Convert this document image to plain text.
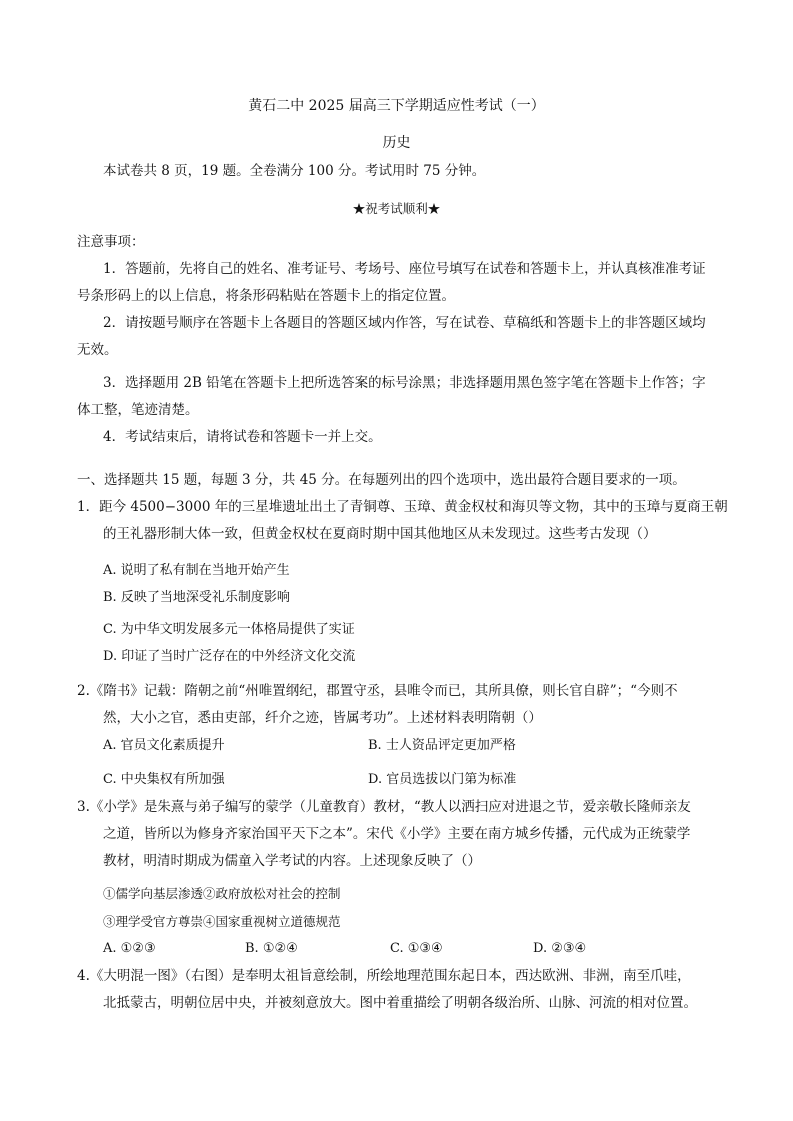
黄石二中 2025 届高三下学期适应性考试（一）
历史
本试卷共 8 页，19 题。全卷满分 100 分。考试用时 75 分钟。
★祝考试顺利★
注意事项：
1．答题前，先将自己的姓名、准考证号、考场号、座位号填写在试卷和答题卡上，并认真核准准考证
号条形码上的以上信息，将条形码粘贴在答题卡上的指定位置。
2．请按题号顺序在答题卡上各题目的答题区域内作答，写在试卷、草稿纸和答题卡上的非答题区域均
无效。
3．选择题用 2B 铅笔在答题卡上把所选答案的标号涂黑；非选择题用黑色签字笔在答题卡上作答；字
体工整，笔迹清楚。
4．考试结束后，请将试卷和答题卡一并上交。
一、选择题共 15 题，每题 3 分，共 45 分。在每题列出的四个选项中，选出最符合题目要求的一项。
1．距今 4500−3000 年的三星堆遗址出土了青铜尊、玉璋、黄金权杖和海贝等文物，其中的玉璋与夏商王朝
的王礼器形制大体一致，但黄金权杖在夏商时期中国其他地区从未发现过。这些考古发现（）
A. 说明了私有制在当地开始产生
B. 反映了当地深受礼乐制度影响
C. 为中华文明发展多元一体格局提供了实证
D. 印证了当时广泛存在的中外经济文化交流
2.《隋书》记载：隋朝之前“州唯置纲纪，郡置守丞，县唯令而已，其所具僚，则长官自辟”；“今则不
然，大小之官，悉由吏部，纤介之迹，皆属考功”。上述材料表明隋朝（）
A. 官员文化素质提升	B. 士人资品评定更加严格
C. 中央集权有所加强	D. 官员选拔以门第为标准
3.《小学》是朱熹与弟子编写的蒙学（儿童教育）教材，“教人以洒扫应对进退之节，爱亲敬长隆师亲友
之道，皆所以为修身齐家治国平天下之本”。宋代《小学》主要在南方城乡传播，元代成为正统蒙学
教材，明清时期成为儒童入学考试的内容。上述现象反映了（）
①儒学向基层渗透②政府放松对社会的控制
③理学受官方尊崇④国家重视树立道德规范
A. ①②③	B. ①②④	C. ①③④	D. ②③④
4.《大明混一图》（右图）是奉明太祖旨意绘制，所绘地理范围东起日本，西达欧洲、非洲，南至爪哇，
北抵蒙古，明朝位居中央，并被刻意放大。图中着重描绘了明朝各级治所、山脉、河流的相对位置。
